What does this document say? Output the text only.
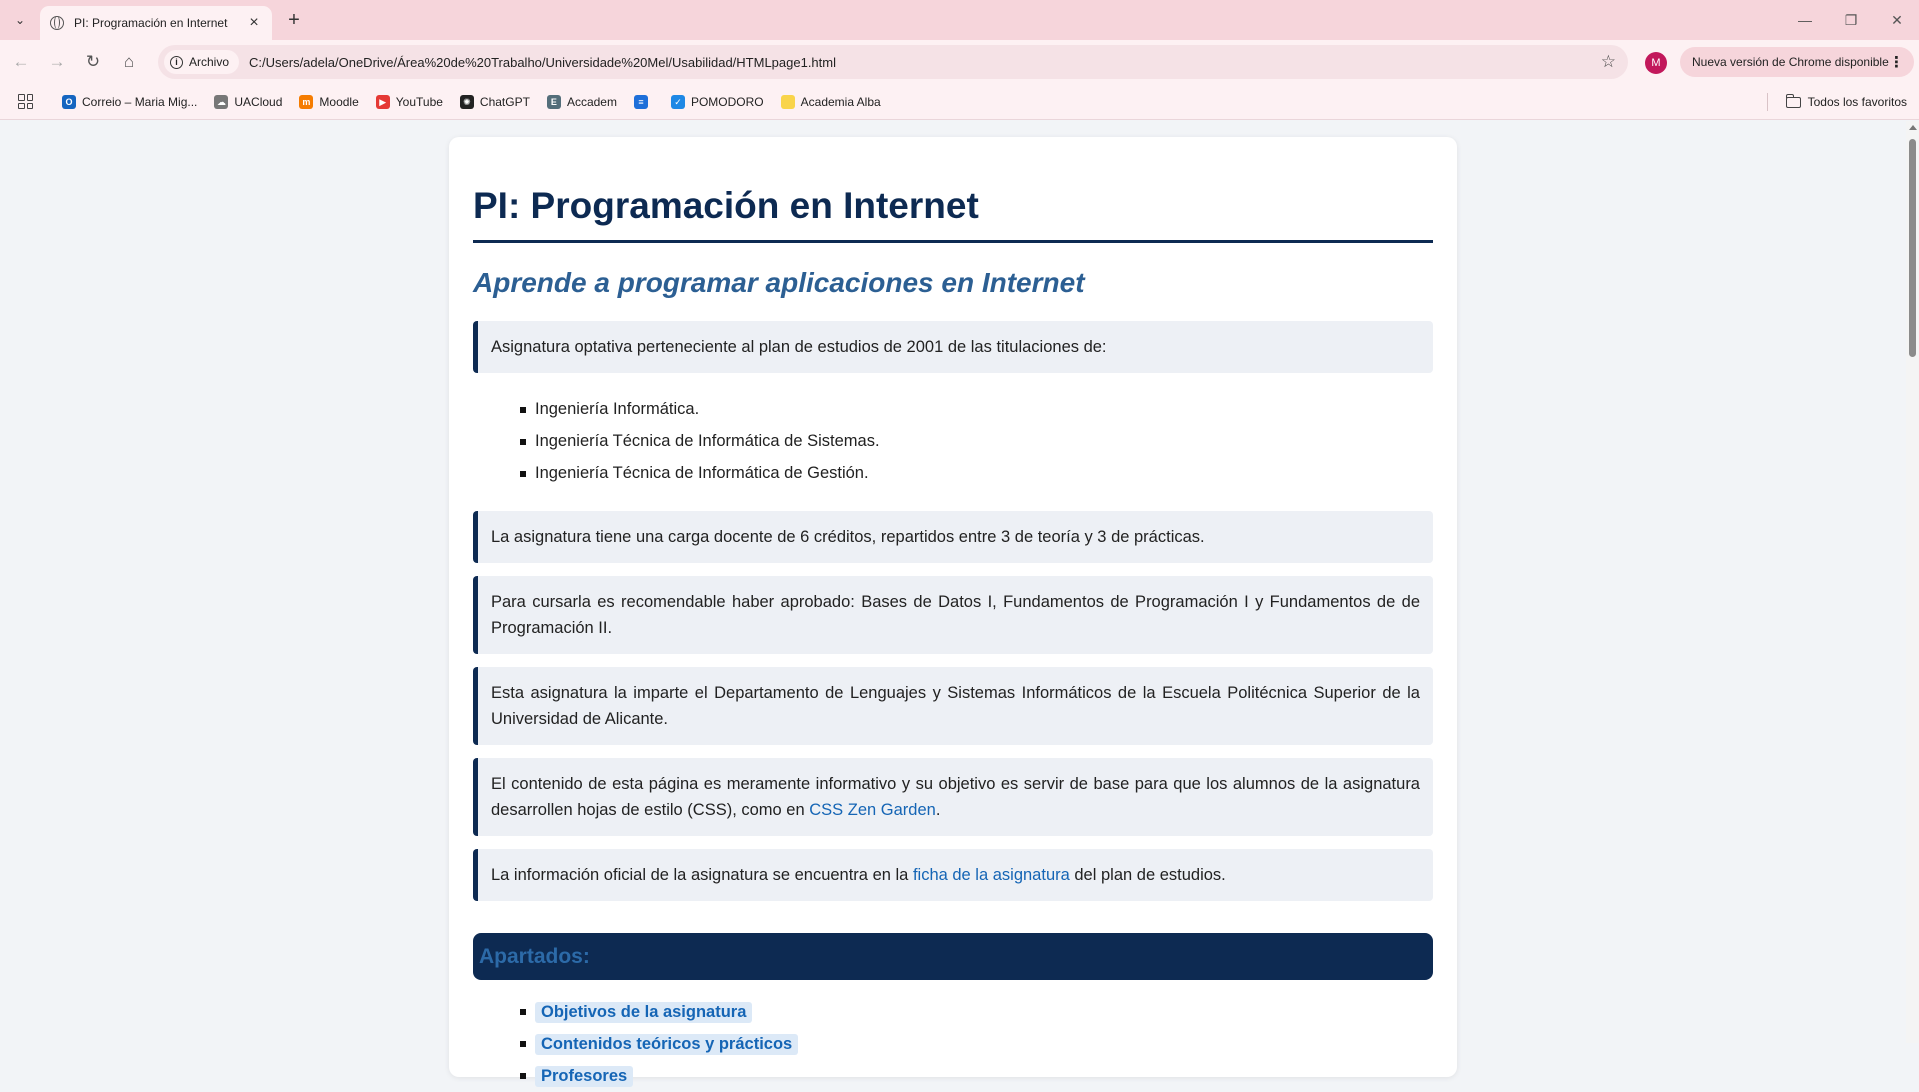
⌄	PI: Programación en Internet	× +	—	❐	✕
← → ↻	⌂	i Archivo C:/Users/adela/OneDrive/Área%20de%20Trabalho/Universidade%20Mel/Usabilidad/HTMLpage1.html	☆	M	Nueva versión de Chrome disponible ⋮
O Correio – Maria Mig... ☁ UACloud	m Moodle	▶ YouTube	✺ ChatGPT	E Accadem	≡	✓ POMODORO	Academia Alba	Todos los favoritos
PI: Programación en Internet
Aprende a programar aplicaciones en Internet
Asignatura optativa perteneciente al plan de estudios de 2001 de las titulaciones de:
Ingeniería Informática.
Ingeniería Técnica de Informática de Sistemas.
Ingeniería Técnica de Informática de Gestión.
La asignatura tiene una carga docente de 6 créditos, repartidos entre 3 de teoría y 3 de prácticas.
Para cursarla es recomendable haber aprobado: Bases de Datos I, Fundamentos de Programación I y Fundamentos de de Programación II.
Esta asignatura la imparte el Departamento de Lenguajes y Sistemas Informáticos de la Escuela Politécnica Superior de la Universidad de Alicante.
El contenido de esta página es meramente informativo y su objetivo es servir de base para que los alumnos de la asignatura desarrollen hojas de estilo (CSS), como en CSS Zen Garden.
La información oficial de la asignatura se encuentra en la ficha de la asignatura del plan de estudios.
Apartados:
Objetivos de la asignatura
Contenidos teóricos y prácticos
Profesores
